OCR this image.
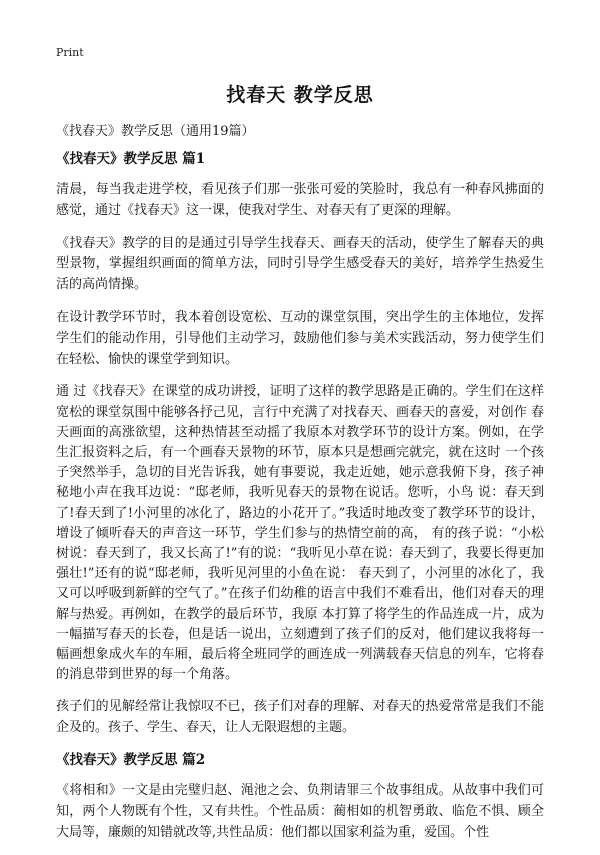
Print
找春天 教学反思
《找春天》教学反思（通用19篇）
《找春天》教学反思 篇1

清晨，每当我走进学校，看见孩子们那一张张可爱的笑脸时，我总有一种春风拂面的感觉，通过《找春天》这一课，使我对学生、对春天有了更深的理解。

《找春天》教学的目的是通过引导学生找春天、画春天的活动，使学生了解春天的典型景物，掌握组织画面的简单方法，同时引导学生感受春天的美好，培养学生热爱生活的高尚情操。

在设计教学环节时，我本着创设宽松、互动的课堂氛围，突出学生的主体地位，发挥学生们的能动作用，引导他们主动学习，鼓励他们参与美术实践活动，努力使学生们在轻松、愉快的课堂学到知识。

通 过《找春天》在课堂的成功讲授，证明了这样的教学思路是正确的。学生们在这样宽松的课堂氛围中能够各抒己见，言行中充满了对找春天、画春天的喜爱，对创作 春天画面的高涨欲望，这种热情甚至动摇了我原本对教学环节的设计方案。例如，在学生汇报资料之后，有一个画春天景物的环节，原本只是想画完就完，就在这时 一个孩子突然举手，急切的目光告诉我，她有事要说，我走近她，她示意我俯下身，孩子神秘地小声在我耳边说：“邸老师，我听见春天的景物在说话。您听，小鸟 说：春天到了!春天到了!小河里的冰化了，路边的小花开了。”我适时地改变了教学环节的设计，增设了倾听春天的声音这一环节，学生们参与的热情空前的高， 有的孩子说：“小松树说：春天到了，我又长高了!”有的说：“我听见小草在说：春天到了，我要长得更加强壮!”还有的说“邸老师，我听见河里的小鱼在说： 春天到了，小河里的冰化了，我又可以呼吸到新鲜的空气了。”在孩子们幼稚的语言中我们不难看出，他们对春天的理解与热爱。再例如，在教学的最后环节，我原 本打算了将学生的作品连成一片，成为一幅描写春天的长卷，但是话一说出，立刻遭到了孩子们的反对，他们建议我将每一幅画想象成火车的车厢，最后将全班同学的画连成一列满载春天信息的列车，它将春的消息带到世界的每一个角落。

孩子们的见解经常让我惊叹不已，孩子们对春的理解、对春天的热爱常常是我们不能企及的。孩子、学生、春天，让人无限遐想的主题。

《找春天》教学反思 篇2

《将相和》一文是由完璧归赵、渑池之会、负荆请罪三个故事组成。从故事中我们可知，两个人物既有个性，又有共性。个性品质：蔺相如的机智勇敢、临危不惧、顾全大局等，廉颇的知错就改等,共性品质：他们都以国家利益为重，爱国。个性
